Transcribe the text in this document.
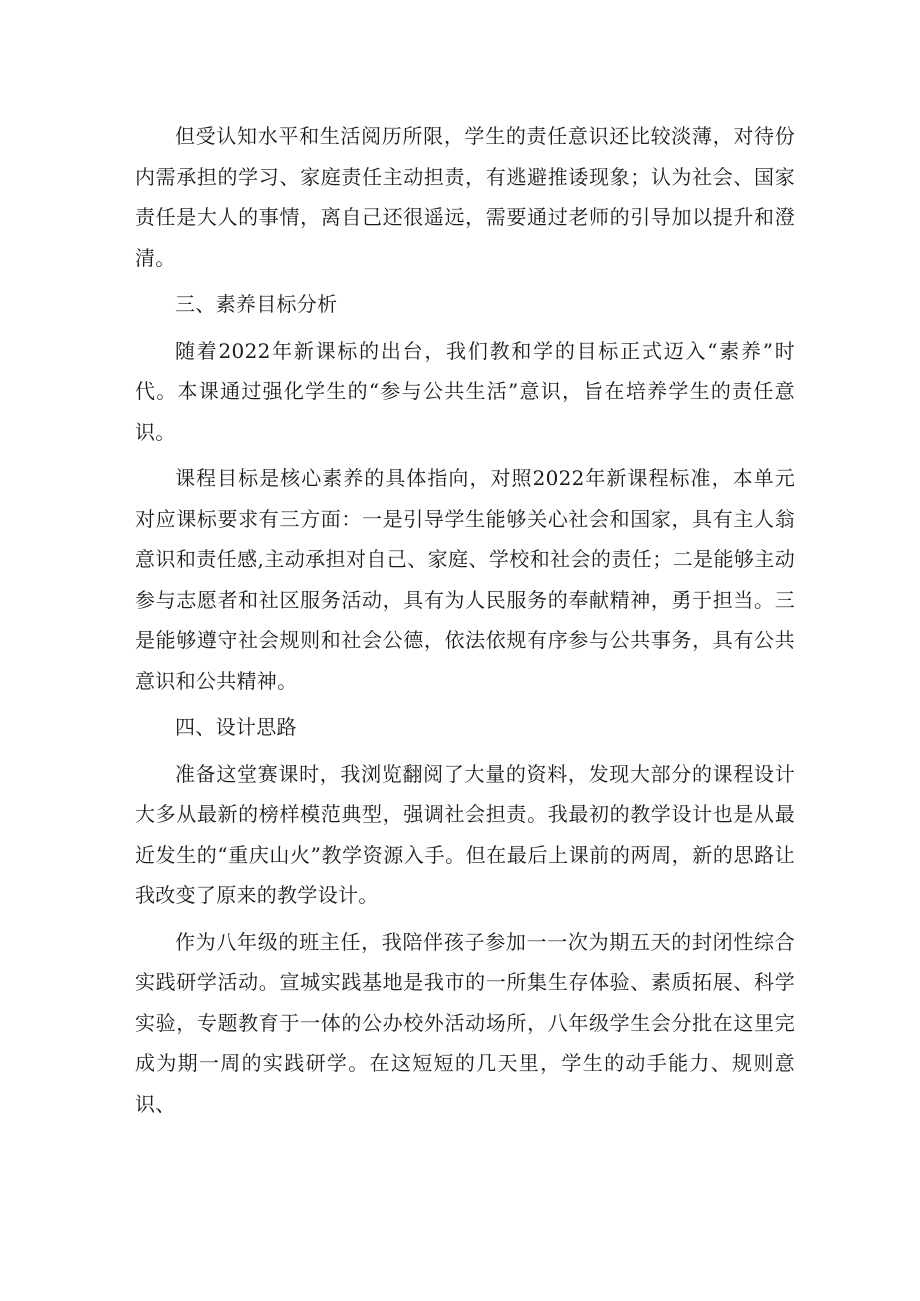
但受认知水平和生活阅历所限，学生的责任意识还比较淡薄，对待份内需承担的学习、家庭责任主动担责，有逃避推诿现象；认为社会、国家责任是大人的事情，离自己还很遥远，需要通过老师的引导加以提升和澄清。

三、素养目标分析

随着2022年新课标的出台，我们教和学的目标正式迈入“素养”时代。本课通过强化学生的“参与公共生活”意识，旨在培养学生的责任意识。

课程目标是核心素养的具体指向，对照2022年新课程标准，本单元对应课标要求有三方面：一是引导学生能够关心社会和国家，具有主人翁意识和责任感,主动承担对自己、家庭、学校和社会的责任；二是能够主动参与志愿者和社区服务活动，具有为人民服务的奉献精神，勇于担当。三是能够遵守社会规则和社会公德，依法依规有序参与公共事务，具有公共意识和公共精神。

四、设计思路

准备这堂赛课时，我浏览翻阅了大量的资料，发现大部分的课程设计大多从最新的榜样模范典型，强调社会担责。我最初的教学设计也是从最近发生的“重庆山火”教学资源入手。但在最后上课前的两周，新的思路让我改变了原来的教学设计。

作为八年级的班主任，我陪伴孩子参加一一次为期五天的封闭性综合实践研学活动。宣城实践基地是我市的一所集生存体验、素质拓展、科学实验，专题教育于一体的公办校外活动场所，八年级学生会分批在这里完成为期一周的实践研学。在这短短的几天里，学生的动手能力、规则意识、
